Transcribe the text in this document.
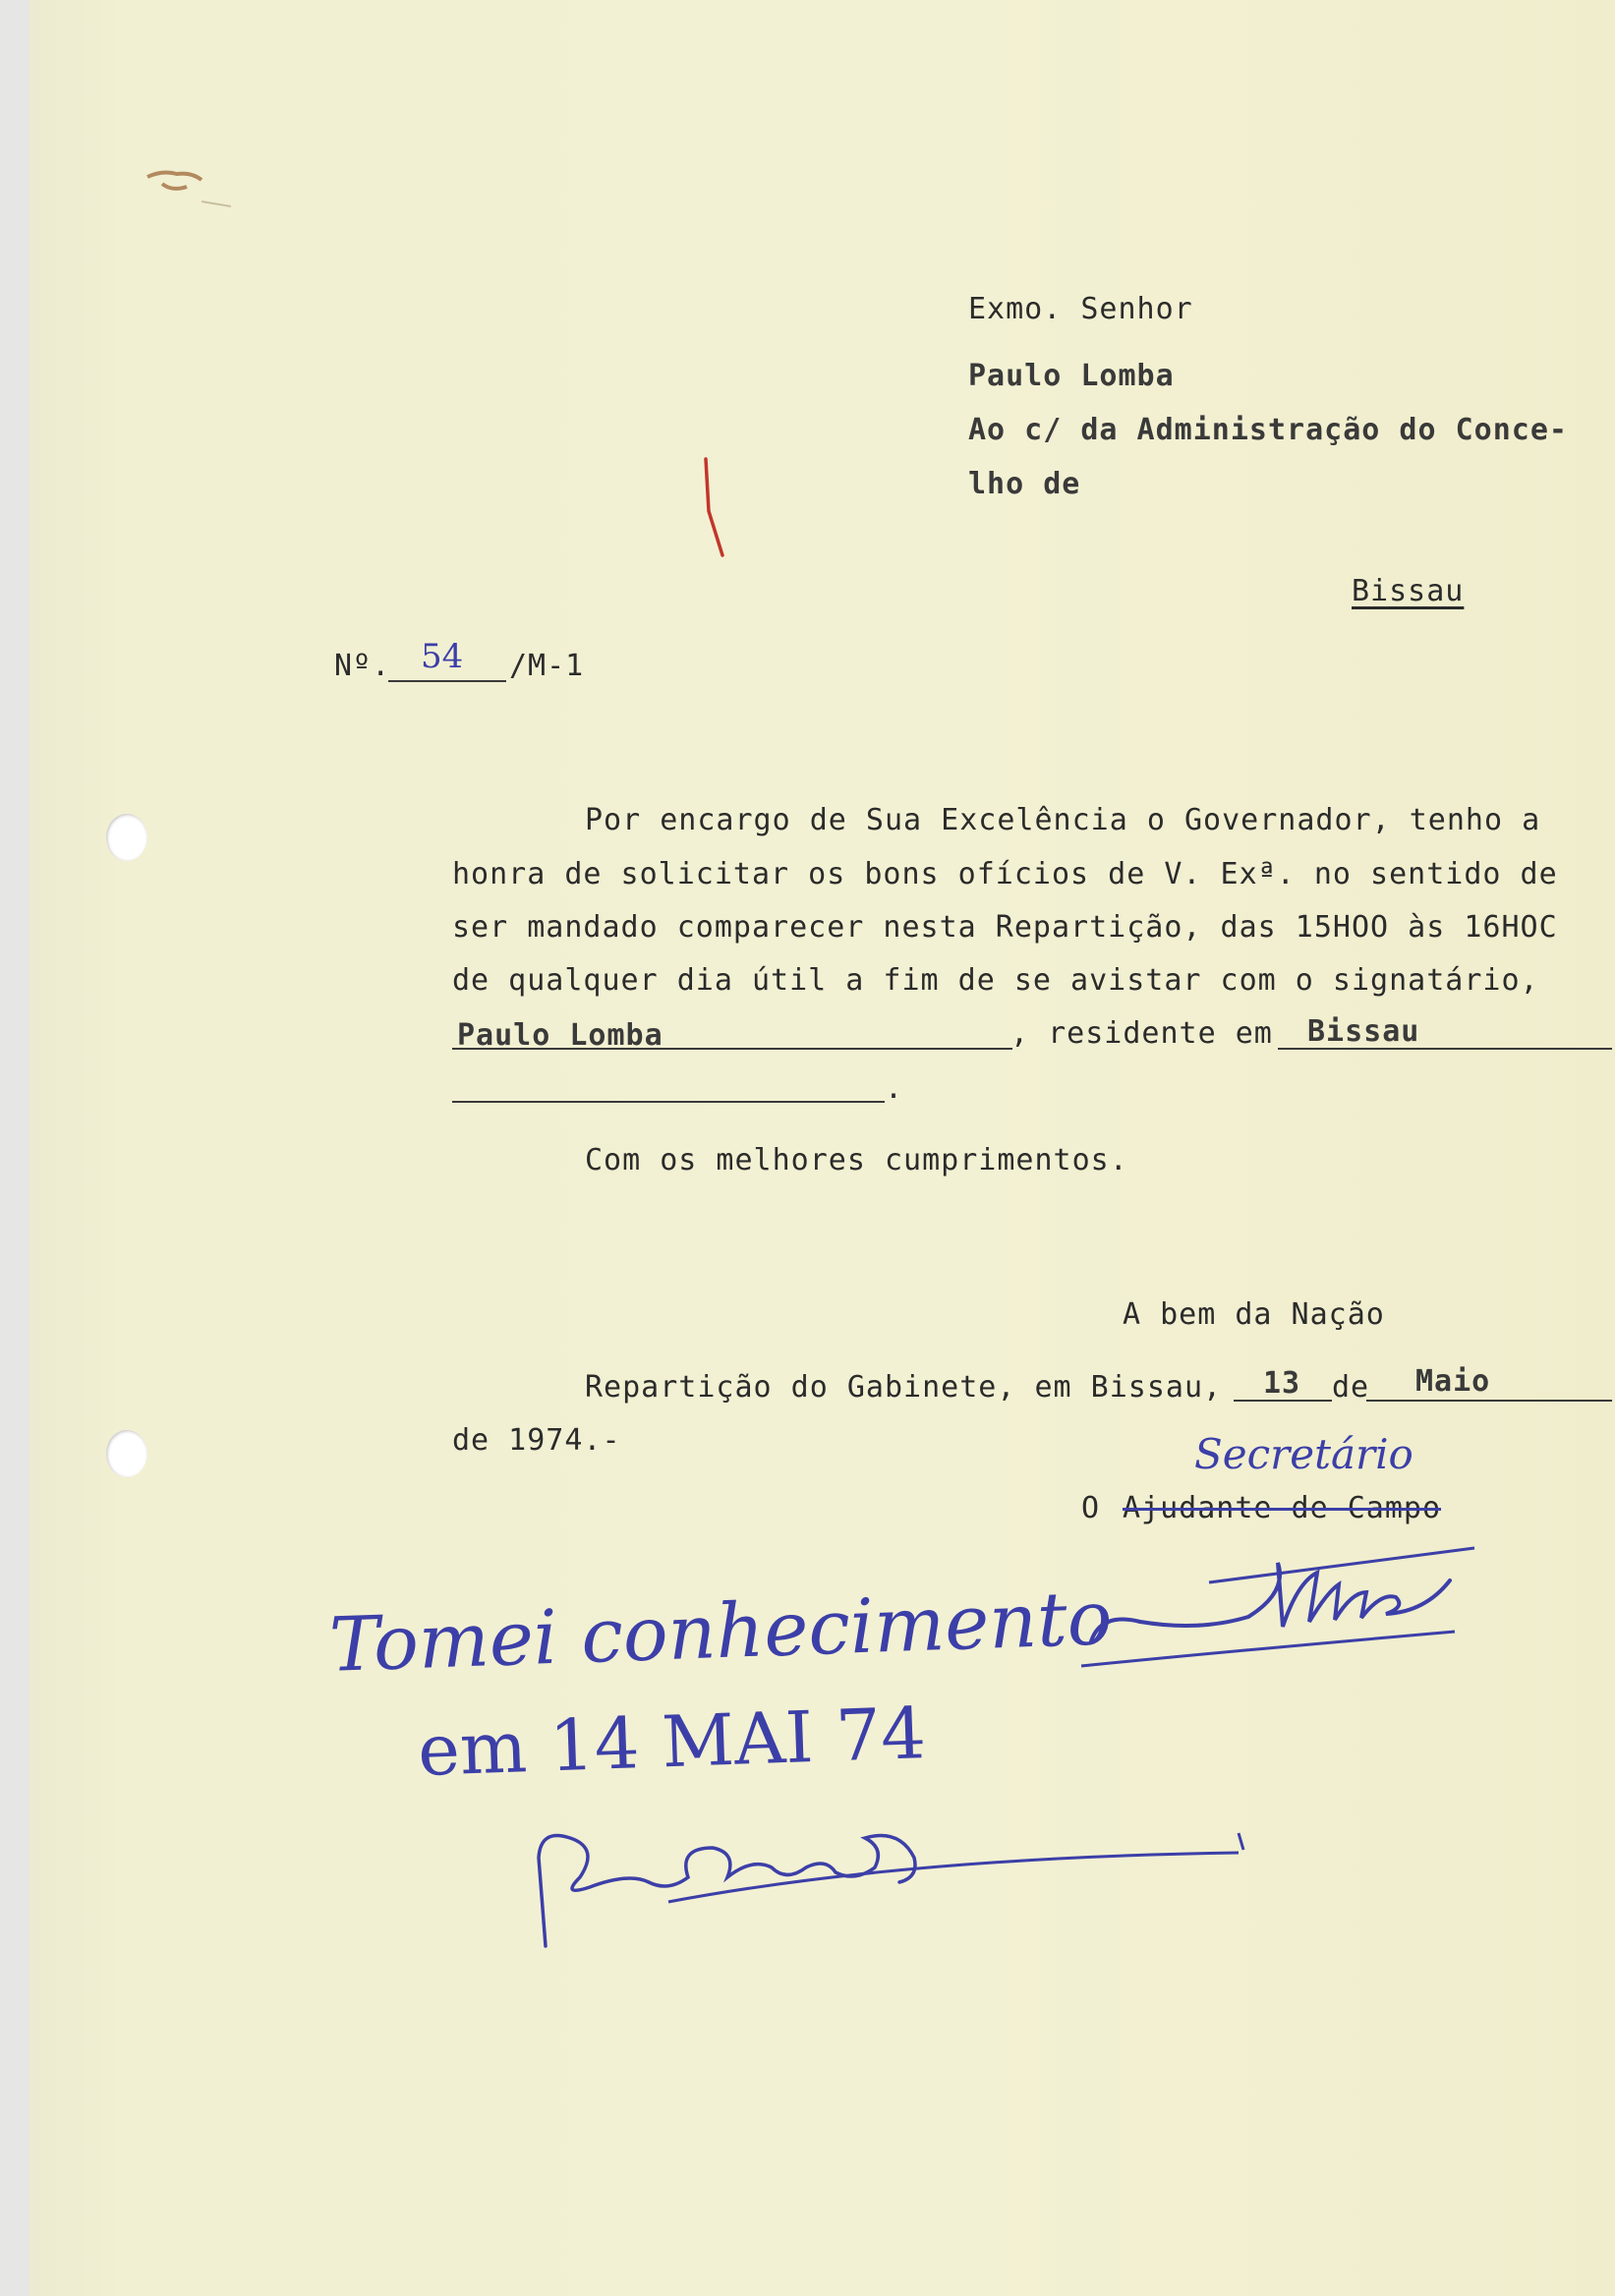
Exmo. Senhor
Paulo Lomba
Ao c/ da Administração do Conce-
lho de
Bissau
Nº. 54 /M-1
Por encargo de Sua Excelência o Governador, tenho a
honra de solicitar os bons ofícios de V. Exª. no sentido de
ser mandado comparecer nesta Repartição, das 15HOO às 16HOC
de qualquer dia útil a fim de se avistar com o signatário,
Paulo Lomba	, residente em Bissau
.
Com os melhores cumprimentos.
A bem da Nação
Repartição do Gabinete, em Bissau, 13 de Maio
de 1974.-	Secretário
O Ajudante de Campo
Tomei conhecimento
em 14 MAI 74
